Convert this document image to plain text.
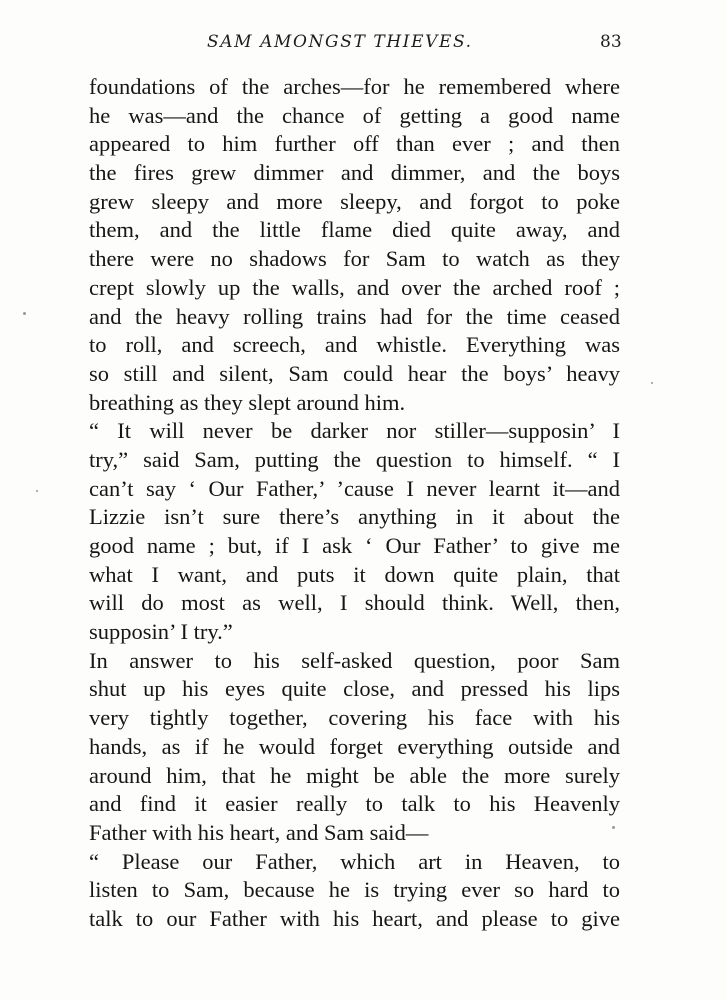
SAM AMONGST THIEVES.	83
foundations of the arches—for he remembered where
he was—and the chance of getting a good name
appeared to him further off than ever ; and then
the fires grew dimmer and dimmer, and the boys
grew sleepy and more sleepy, and forgot to poke
them, and the little flame died quite away, and
there were no shadows for Sam to watch as they
crept slowly up the walls, and over the arched roof ;
and the heavy rolling trains had for the time ceased
to roll, and screech, and whistle. Everything was
so still and silent, Sam could hear the boys’ heavy
breathing as they slept around him.
“ It will never be darker nor stiller—supposin’ I
try,” said Sam, putting the question to himself. “ I
can’t say ‘ Our Father,’ ’cause I never learnt it—and
Lizzie isn’t sure there’s anything in it about the
good name ; but, if I ask ‘ Our Father’ to give me
what I want, and puts it down quite plain, that
will do most as well, I should think. Well, then,
supposin’ I try.”
In answer to his self-asked question, poor Sam
shut up his eyes quite close, and pressed his lips
very tightly together, covering his face with his
hands, as if he would forget everything outside and
around him, that he might be able the more surely
and find it easier really to talk to his Heavenly
Father with his heart, and Sam said—
“ Please our Father, which art in Heaven, to
listen to Sam, because he is trying ever so hard to
talk to our Father with his heart, and please to give
